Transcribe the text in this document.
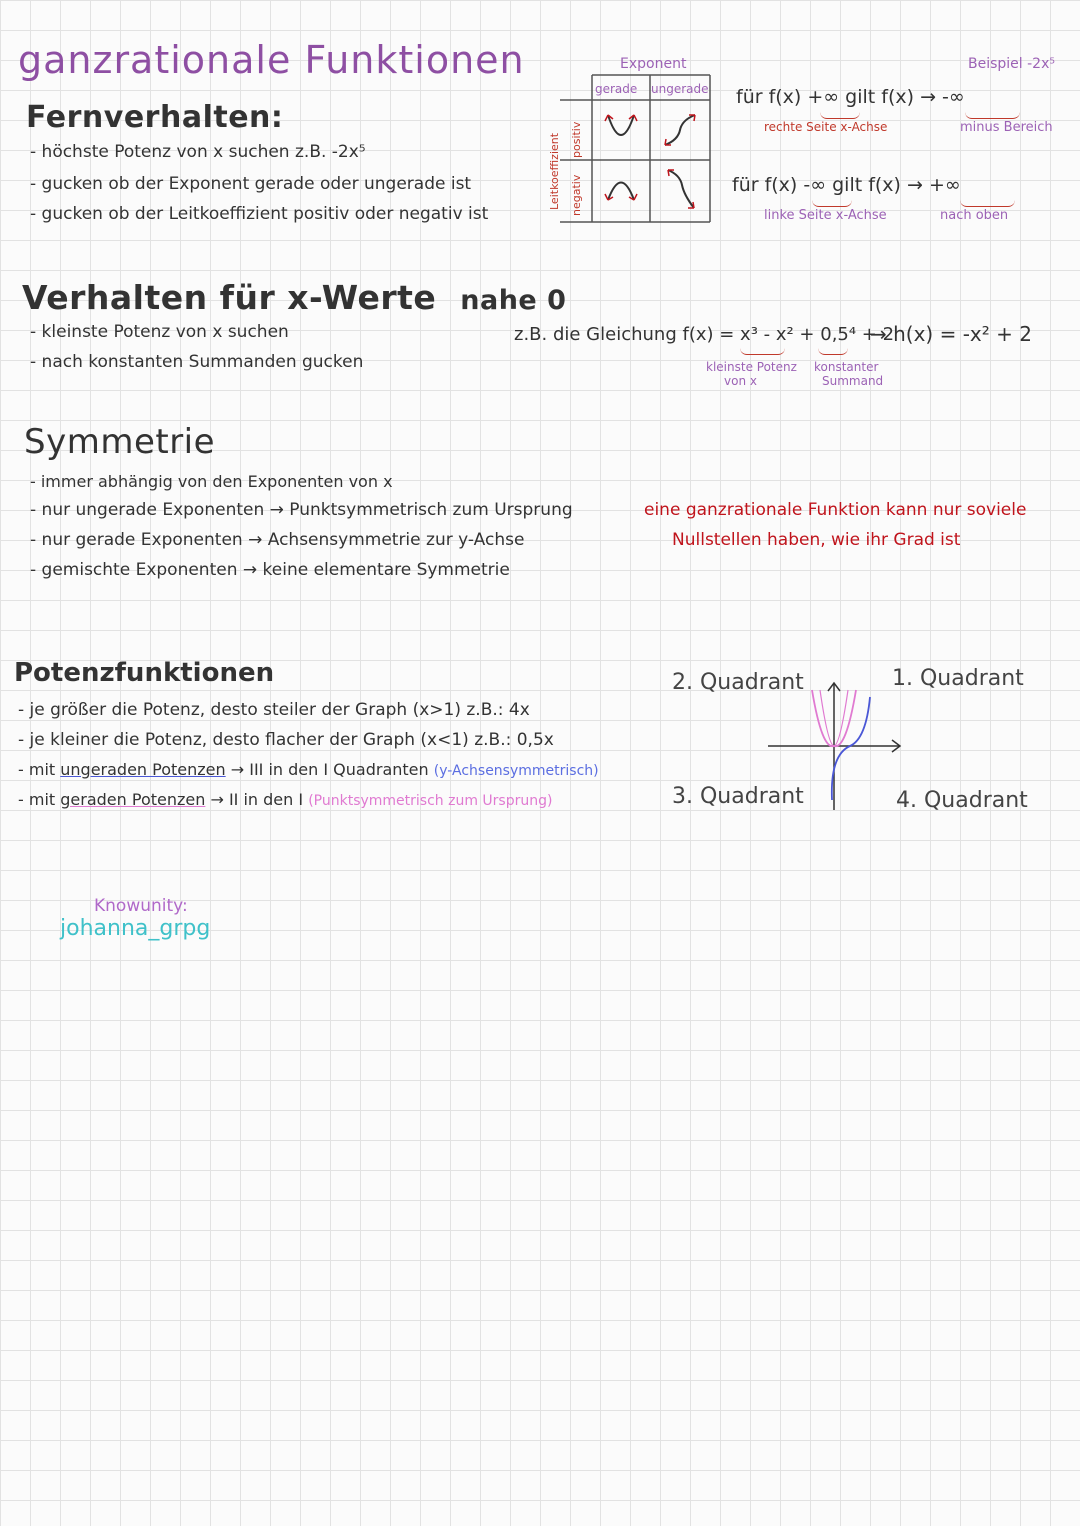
ganzrationale Funktionen
Fernverhalten:
- höchste Potenz von x suchen z.B. -2x⁵
- gucken ob der Exponent gerade oder ungerade ist
- gucken ob der Leitkoeffizient positiv oder negativ ist
Exponent
gerade ungerade
Leitkoeffizient positiv
negativ
Beispiel -2x⁵
für f(x) +∞ gilt f(x) → -∞
rechte Seite x-Achse	minus Bereich
für f(x) -∞ gilt f(x) → +∞
linke Seite x-Achse	nach oben
Verhalten für x-Werte nahe 0
- kleinste Potenz von x suchen
- nach konstanten Summanden gucken
z.B. die Gleichung f(x) = x³ - x² + 0,5⁴ + 2
→ h(x) = -x² + 2
kleinste Potenz
von x
konstanter
Summand
Symmetrie
- immer abhängig von den Exponenten von x
- nur ungerade Exponenten → Punktsymmetrisch zum Ursprung
- nur gerade Exponenten → Achsensymmetrie zur y-Achse
- gemischte Exponenten → keine elementare Symmetrie
eine ganzrationale Funktion kann nur soviele
Nullstellen haben, wie ihr Grad ist
Potenzfunktionen
- je größer die Potenz, desto steiler der Graph (x>1) z.B.: 4x
- je kleiner die Potenz, desto flacher der Graph (x<1) z.B.: 0,5x
- mit ungeraden Potenzen → III in den I Quadranten (y-Achsensymmetrisch)
- mit geraden Potenzen → II in den I (Punktsymmetrisch zum Ursprung)
2. Quadrant	1. Quadrant
3. Quadrant	4. Quadrant
Knowunity:
johanna_grpg
